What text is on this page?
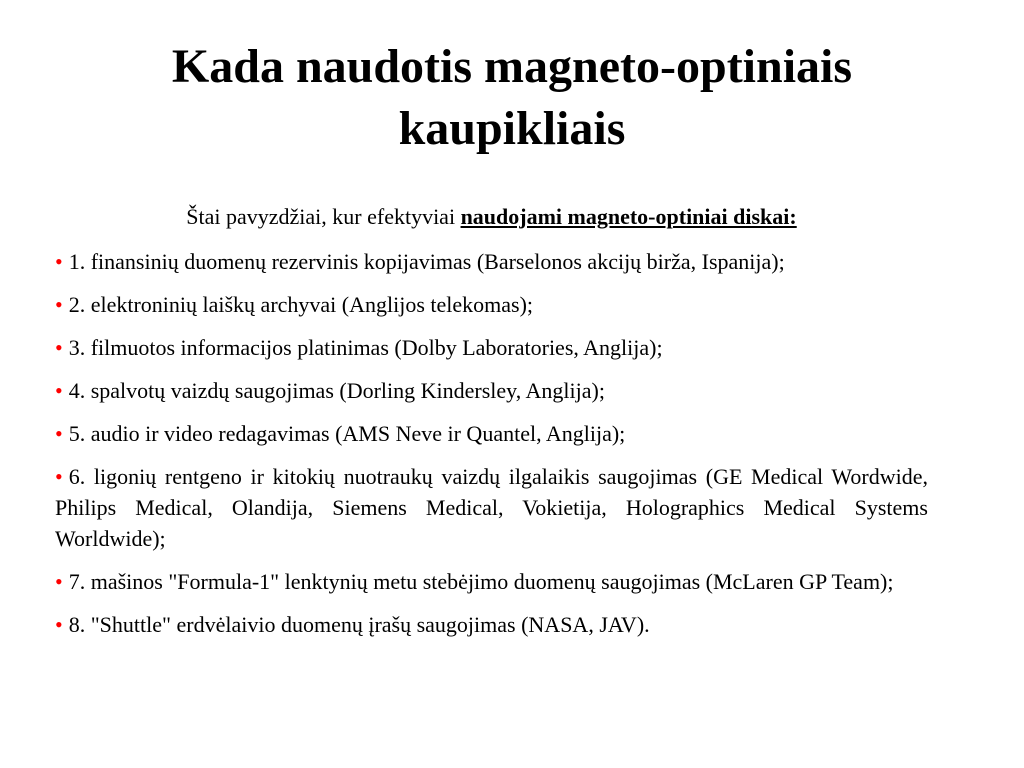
Kada naudotis magneto-optiniais kaupikliais

Štai pavyzdžiai, kur efektyviai naudojami magneto-optiniai diskai:

• 1. finansinių duomenų rezervinis kopijavimas (Barselonos akcijų birža, Ispanija);
• 2. elektroninių laiškų archyvai (Anglijos telekomas);
• 3. filmuotos informacijos platinimas (Dolby Laboratories, Anglija);
• 4. spalvotų vaizdų saugojimas (Dorling Kindersley, Anglija);
• 5. audio ir video redagavimas (AMS Neve ir Quantel, Anglija);
• 6. ligonių rentgeno ir kitokių nuotraukų vaizdų ilgalaikis saugojimas (GE Medical Wordwide, Philips Medical, Olandija, Siemens Medical, Vokietija, Holographics Medical Systems Worldwide);
• 7. mašinos "Formula-1" lenktynių metu stebėjimo duomenų saugojimas (McLaren GP Team);
• 8. "Shuttle" erdvėlaivio duomenų įrašų saugojimas (NASA, JAV).
